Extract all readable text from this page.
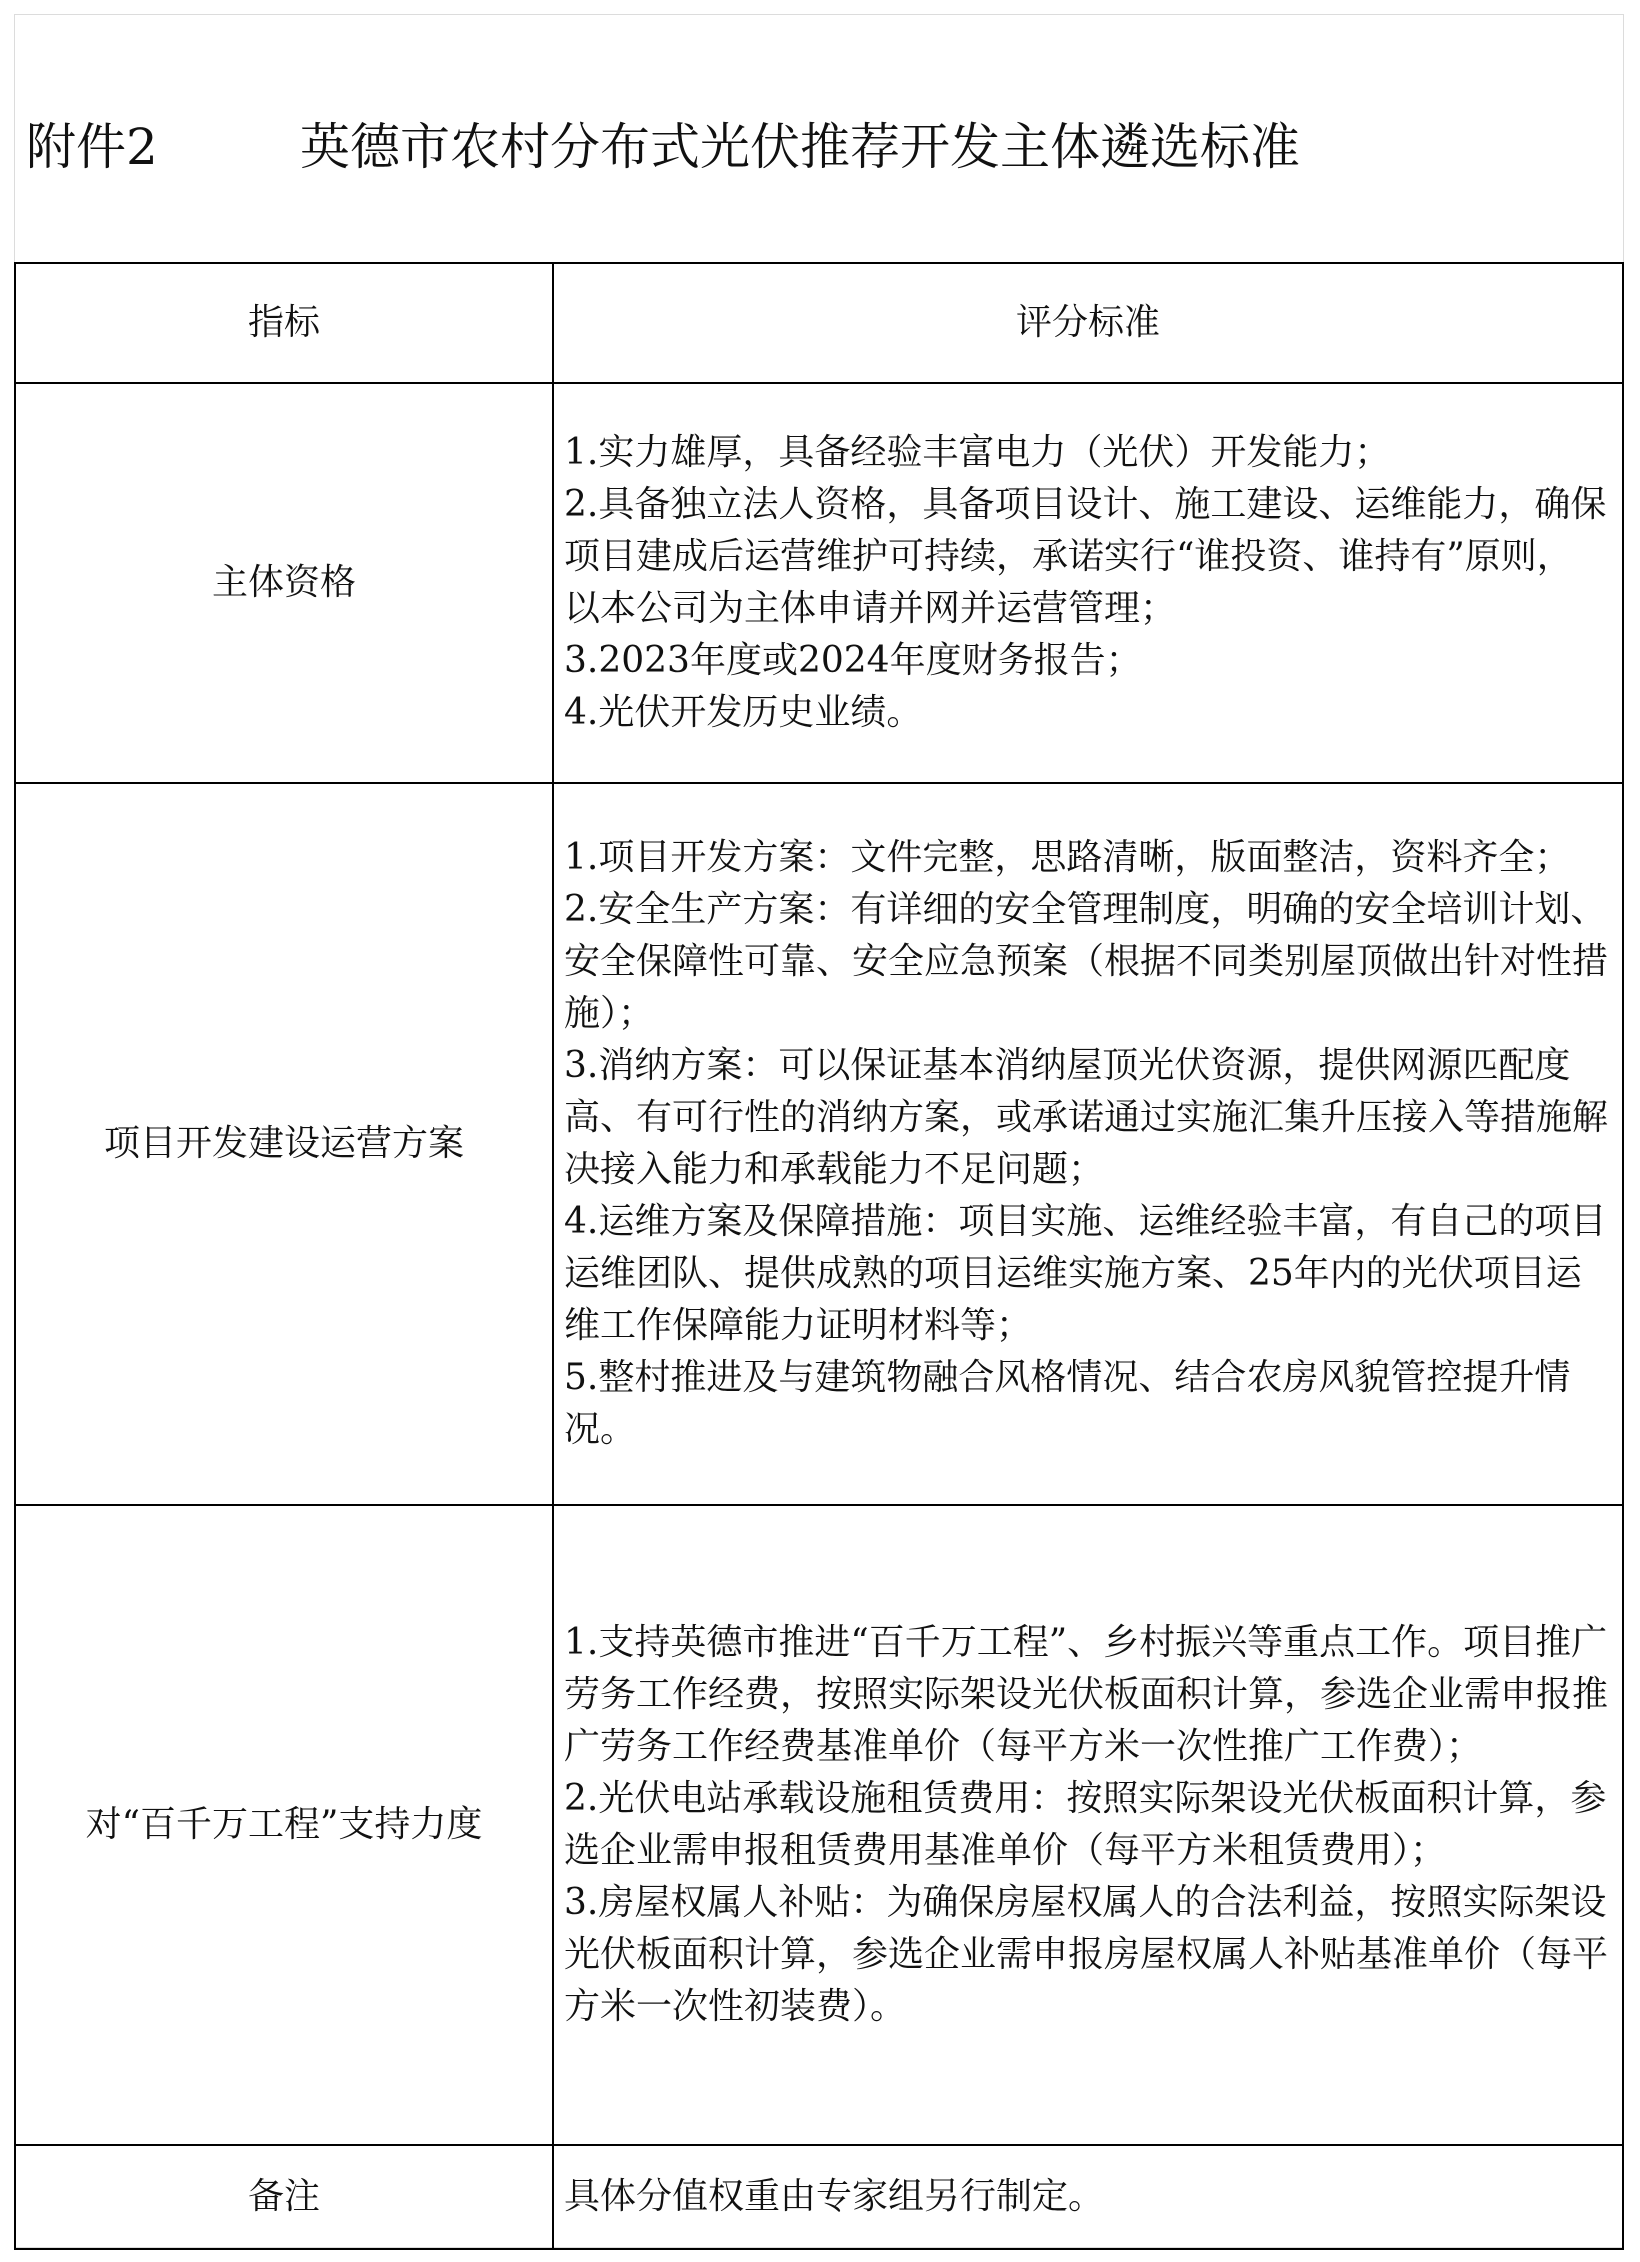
附件2	英德市农村分布式光伏推荐开发主体遴选标准
指标	评分标准
主体资格	1.实力雄厚，具备经验丰富电力（光伏）开发能力；

2.具备独立法人资格，具备项目设计、施工建设、运维能力，确保项目建成后运营维护可持续，承诺实行“谁投资、谁持有”原则，以本公司为主体申请并网并运营管理；

3.2023年度或2024年度财务报告；

4.光伏开发历史业绩。

项目开发建设运营方案	1.项目开发方案：文件完整，思路清晰，版面整洁，资料齐全；

2.安全生产方案：有详细的安全管理制度，明确的安全培训计划、安全保障性可靠、安全应急预案（根据不同类别屋顶做出针对性措施）；

3.消纳方案：可以保证基本消纳屋顶光伏资源，提供网源匹配度高、有可行性的消纳方案，或承诺通过实施汇集升压接入等措施解决接入能力和承载能力不足问题；

4.运维方案及保障措施：项目实施、运维经验丰富，有自己的项目运维团队、提供成熟的项目运维实施方案、25年内的光伏项目运维工作保障能力证明材料等；

5.整村推进及与建筑物融合风格情况、结合农房风貌管控提升情况。

对“百千万工程”支持力度	1.支持英德市推进“百千万工程”、乡村振兴等重点工作。项目推广劳务工作经费，按照实际架设光伏板面积计算，参选企业需申报推广劳务工作经费基准单价（每平方米一次性推广工作费）；

2.光伏电站承载设施租赁费用：按照实际架设光伏板面积计算，参选企业需申报租赁费用基准单价（每平方米租赁费用）；

3.房屋权属人补贴：为确保房屋权属人的合法利益，按照实际架设光伏板面积计算，参选企业需申报房屋权属人补贴基准单价（每平方米一次性初装费）。

备注	具体分值权重由专家组另行制定。
